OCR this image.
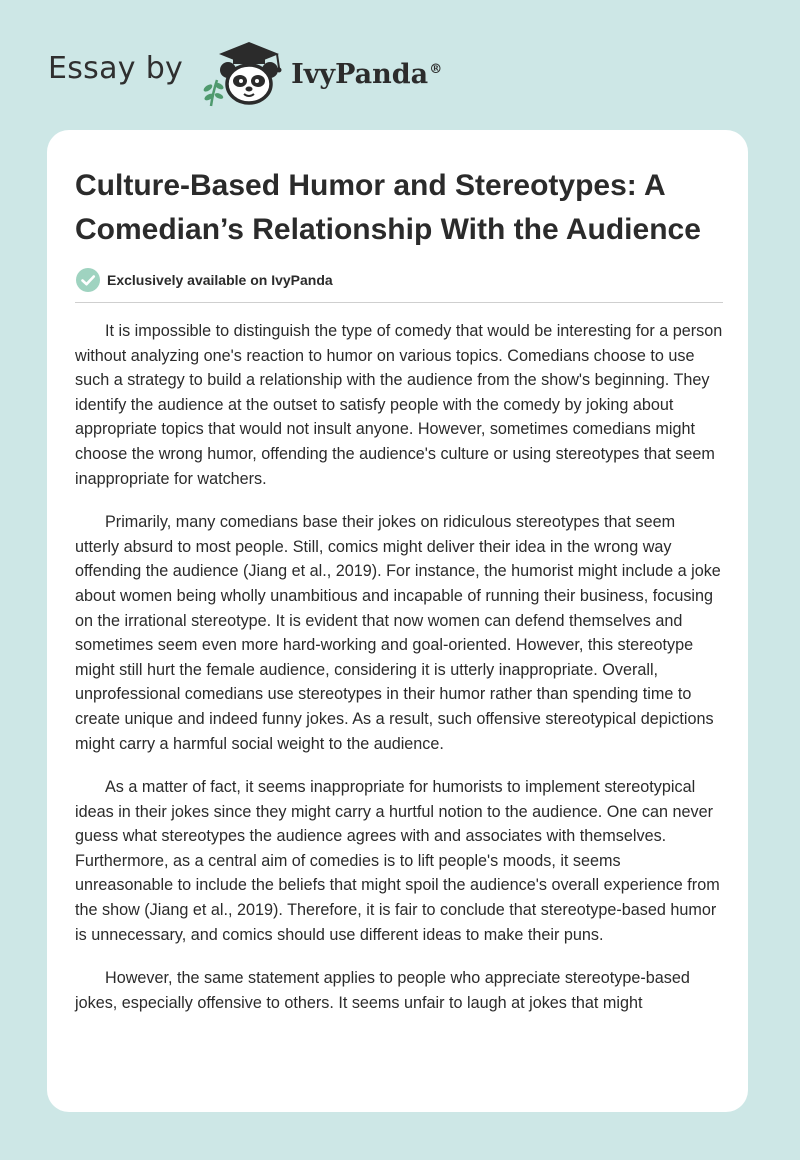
Essay by	IvyPanda®
Culture-Based Humor and Stereotypes: A Comedian’s Relationship With the Audience
Exclusively available on IvyPanda

It is impossible to distinguish the type of comedy that would be interesting for a person without analyzing one's reaction to humor on various topics. Comedians choose to use such a strategy to build a relationship with the audience from the show's beginning. They identify the audience at the outset to satisfy people with the comedy by joking about appropriate topics that would not insult anyone. However, sometimes comedians might choose the wrong humor, offending the audience's culture or using stereotypes that seem inappropriate for watchers.

Primarily, many comedians base their jokes on ridiculous stereotypes that seem utterly absurd to most people. Still, comics might deliver their idea in the wrong way offending the audience (Jiang et al., 2019). For instance, the humorist might include a joke about women being wholly unambitious and incapable of running their business, focusing on the irrational stereotype. It is evident that now women can defend themselves and sometimes seem even more hard-working and goal-oriented. However, this stereotype might still hurt the female audience, considering it is utterly inappropriate. Overall, unprofessional comedians use stereotypes in their humor rather than spending time to create unique and indeed funny jokes. As a result, such offensive stereotypical depictions might carry a harmful social weight to the audience.

As a matter of fact, it seems inappropriate for humorists to implement stereotypical ideas in their jokes since they might carry a hurtful notion to the audience. One can never guess what stereotypes the audience agrees with and associates with themselves. Furthermore, as a central aim of comedies is to lift people's moods, it seems unreasonable to include the beliefs that might spoil the audience's overall experience from the show (Jiang et al., 2019). Therefore, it is fair to conclude that stereotype-based humor is unnecessary, and comics should use different ideas to make their puns.

However, the same statement applies to people who appreciate stereotype-based jokes, especially offensive to others. It seems unfair to laugh at jokes that might
